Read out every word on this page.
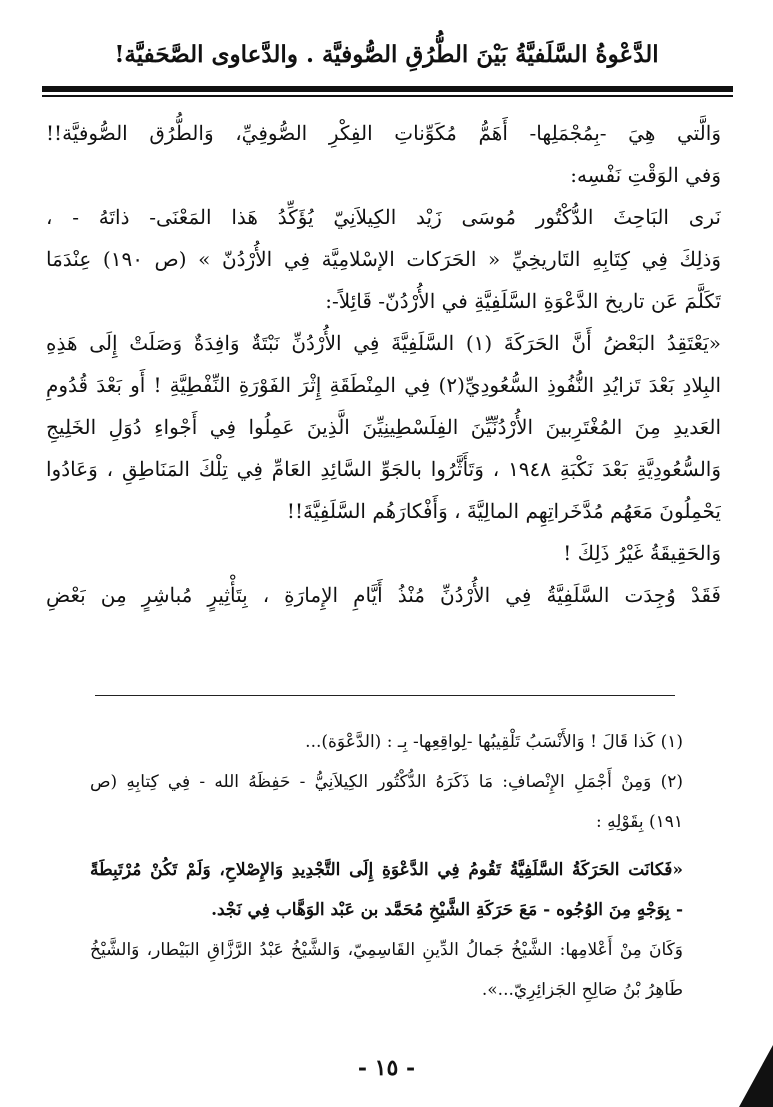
الدَّعْوةُ السَّلَفيَّةُ بَيْنَ الطُّرُقِ الصُّوفيَّة . والدَّعاوى الصَّحَفيَّة!
وَالَّتي هِيَ -بِمُجْمَلِها- أَهَمُّ مُكَوِّناتِ الفِكْرِ الصُّوفِيِّ، وَالطُّرُق الصُّوفيَّة!!
وَفي الوَقْتِ نَفْسِه:
نَرى البَاحِثَ الدُّكْتُور مُوسَى زَيْد الكِيلاَنِيّ يُؤَكِّدُ هَذا المَعْنَى- ذاتَهُ - ،
وَذلِكَ فِي كِتَابِهِ التَاريخِيِّ « الحَرَكات الإسْلامِيَّة فِي الأُرْدُنّ » (ص ١٩٠) عِنْدَمَا
تَكَلَّمَ عَن تاريخ الدَّعْوَةِ السَّلَفِيَّةِ في الأُرْدُنّ- قَائِلاً-:
«يَعْتَقِدُ البَعْضُ أَنَّ الحَرَكَةَ (١) السَّلَفِيَّةَ فِي الأُرْدُنِّ نَبْتَةٌ وَافِدَةٌ وَصَلَتْ إِلَى هَذِهِ
البِلادِ بَعْدَ تَزايُدِ النُّفُوذِ السُّعُودِيِّ(٢) فِي المِنْطَقَةِ إِثْرَ الفَوْرَةِ النِّفْطِيَّةِ ! أَو بَعْدَ قُدُومِ
العَديدِ مِنَ المُغْتَرِبينَ الأُرْدُنِّيِّنَ الفِلَسْطِينِيِّنَ الَّذِينَ عَمِلُوا فِي أَجْواءِ دُوَلِ الخَلِيجِ
وَالسُّعُودِيَّةِ بَعْدَ نَكْبَةِ ١٩٤٨ ، وَتَأَثَّرُوا بالجَوِّ السَّائِدِ العَامِّ فِي تِلْكَ المَنَاطِقِ ، وَعَادُوا
يَحْمِلُونَ مَعَهُم مُدَّخَراتِهِم المالِيَّةَ ، وَأَفْكارَهُم السَّلَفِيَّةَ!!
وَالحَقِيقَةُ غَيْرُ ذَلِكَ !
فَقَدْ وُجِدَت السَّلَفِيَّةُ فِي الأُرْدُنِّ مُنْذُ أَيَّامِ الإِمارَةِ ، بِتَأْثِيرٍ مُباشِرٍ مِن بَعْضِ
(١) كَذا قَالَ ! وَالأَنْسَبُ تَلْقِيبُها -لِواقِعِها- بِـ : (الدَّعْوَة)...
(٢) وَمِنْ أَجْمَلِ الإِنْصافِ: مَا ذَكَرَهُ الدُّكْتُور الكِيلاَنِيُّ - حَفِظَهُ الله - فِي كِتابِهِ (ص
١٩١) بِقَوْلِهِ :
«فَكانَت الحَرَكَةُ السَّلَفِيَّةُ تَقُومُ فِي الدَّعْوَةِ إِلَى التَّجْدِيدِ وَالإِصْلاحِ، وَلَمْ تَكُنْ مُرْتَبِطَةً
- بِوَجْهٍ مِنَ الوُجُوه - مَعَ حَرَكَةِ الشَّيْخِ مُحَمَّد بن عَبْد الوَهَّاب فِي نَجْد.
وَكَانَ مِنْ أَعْلامِها: الشَّيْخُ جَمالُ الدِّينِ القَاسِمِيّ، وَالشَّيْخُ عَبْدُ الرَّزَّاقِ البَيْطار، وَالشَّيْخُ
طَاهِرُ بْنُ صَالِحِ الجَزائِرِيّ...».
- ١٥ -
